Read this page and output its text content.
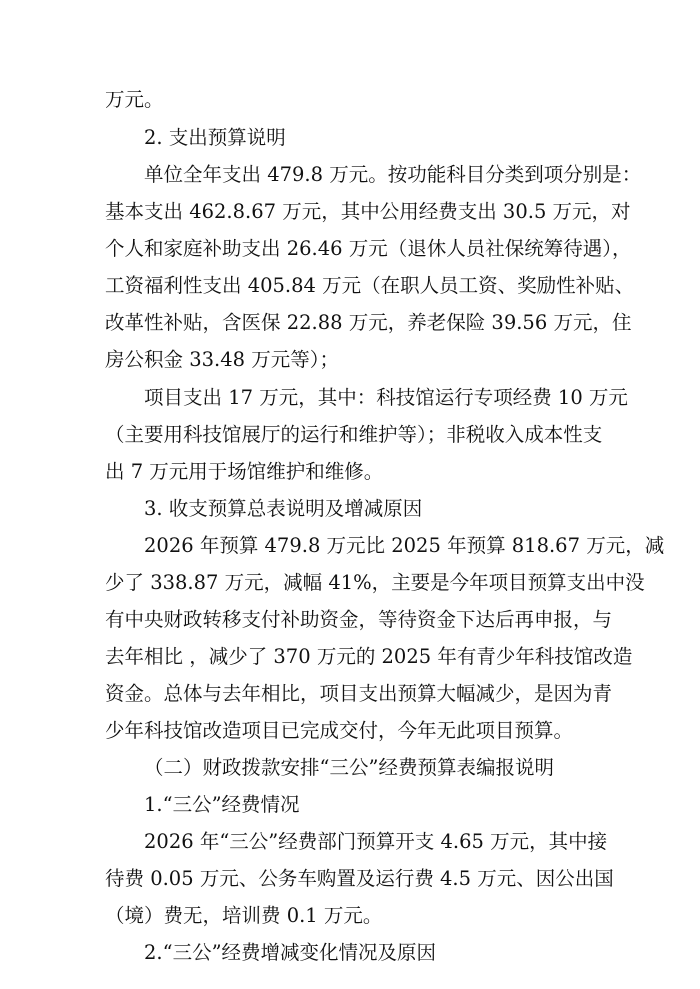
万元。
2. 支出预算说明
单位全年支出 479.8 万元。按功能科目分类到项分别是：
基本支出 462.8.67 万元，其中公用经费支出 30.5 万元，对
个人和家庭补助支出 26.46 万元（退休人员社保统筹待遇），
工资福利性支出 405.84 万元（在职人员工资、奖励性补贴、
改革性补贴，含医保 22.88 万元，养老保险 39.56 万元，住
房公积金 33.48 万元等）；
项目支出 17 万元，其中：科技馆运行专项经费 10 万元
（主要用科技馆展厅的运行和维护等）；非税收入成本性支
出 7 万元用于场馆维护和维修。
3. 收支预算总表说明及增减原因
2026 年预算 479.8 万元比 2025 年预算 818.67 万元，减
少了 338.87 万元，减幅 41%，主要是今年项目预算支出中没
有中央财政转移支付补助资金，等待资金下达后再申报，与
去年相比 ，减少了 370 万元的 2025 年有青少年科技馆改造
资金。总体与去年相比，项目支出预算大幅减少，是因为青
少年科技馆改造项目已完成交付，今年无此项目预算。
（二）财政拨款安排“三公”经费预算表编报说明
1.“三公”经费情况
2026 年“三公”经费部门预算开支 4.65 万元，其中接
待费 0.05 万元、公务车购置及运行费 4.5 万元、因公出国
（境）费无，培训费 0.1 万元。
2.“三公”经费增减变化情况及原因
